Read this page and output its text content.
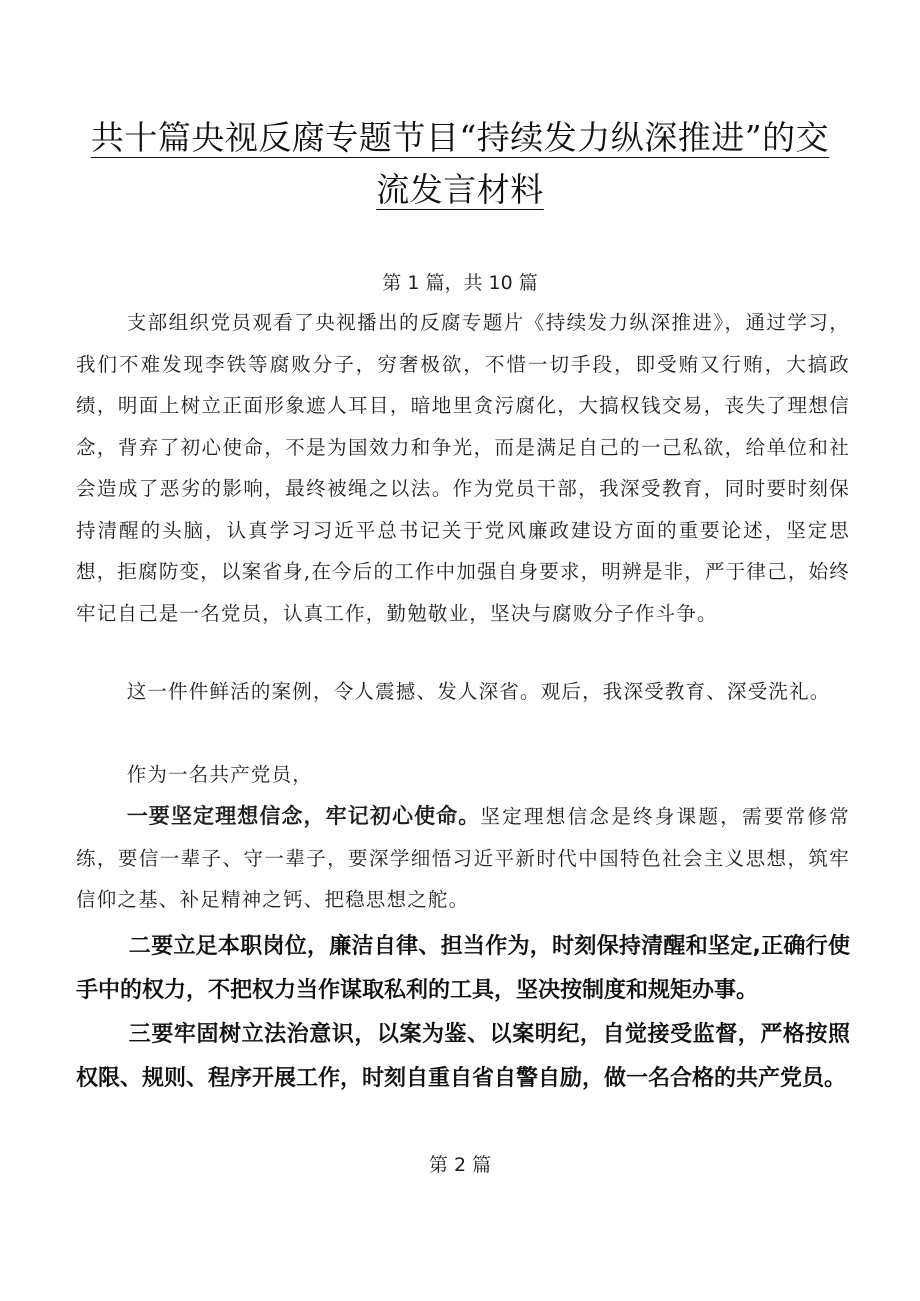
共十篇央视反腐专题节目“持续发力纵深推进”的交流发言材料
第 1 篇，共 10 篇

支部组织党员观看了央视播出的反腐专题片《持续发力纵深推进》，通过学习，我们不难发现李铁等腐败分子，穷奢极欲，不惜一切手段，即受贿又行贿，大搞政绩，明面上树立正面形象遮人耳目，暗地里贪污腐化，大搞权钱交易，丧失了理想信念，背弃了初心使命，不是为国效力和争光，而是满足自己的一己私欲，给单位和社会造成了恶劣的影响，最终被绳之以法。作为党员干部，我深受教育，同时要时刻保持清醒的头脑，认真学习习近平总书记关于党风廉政建设方面的重要论述，坚定思想，拒腐防变，以案省身,在今后的工作中加强自身要求，明辨是非，严于律己，始终牢记自己是一名党员，认真工作，勤勉敬业，坚决与腐败分子作斗争。

这一件件鲜活的案例，令人震撼、发人深省。观后，我深受教育、深受洗礼。

作为一名共产党员，

一要坚定理想信念，牢记初心使命。坚定理想信念是终身课题，需要常修常练，要信一辈子、守一辈子，要深学细悟习近平新时代中国特色社会主义思想，筑牢信仰之基、补足精神之钙、把稳思想之舵。

二要立足本职岗位，廉洁自律、担当作为，时刻保持清醒和坚定,正确行使手中的权力，不把权力当作谋取私利的工具，坚决按制度和规矩办事。

三要牢固树立法治意识，以案为鉴、以案明纪，自觉接受监督，严格按照权限、规则、程序开展工作，时刻自重自省自警自励，做一名合格的共产党员。

第 2 篇
